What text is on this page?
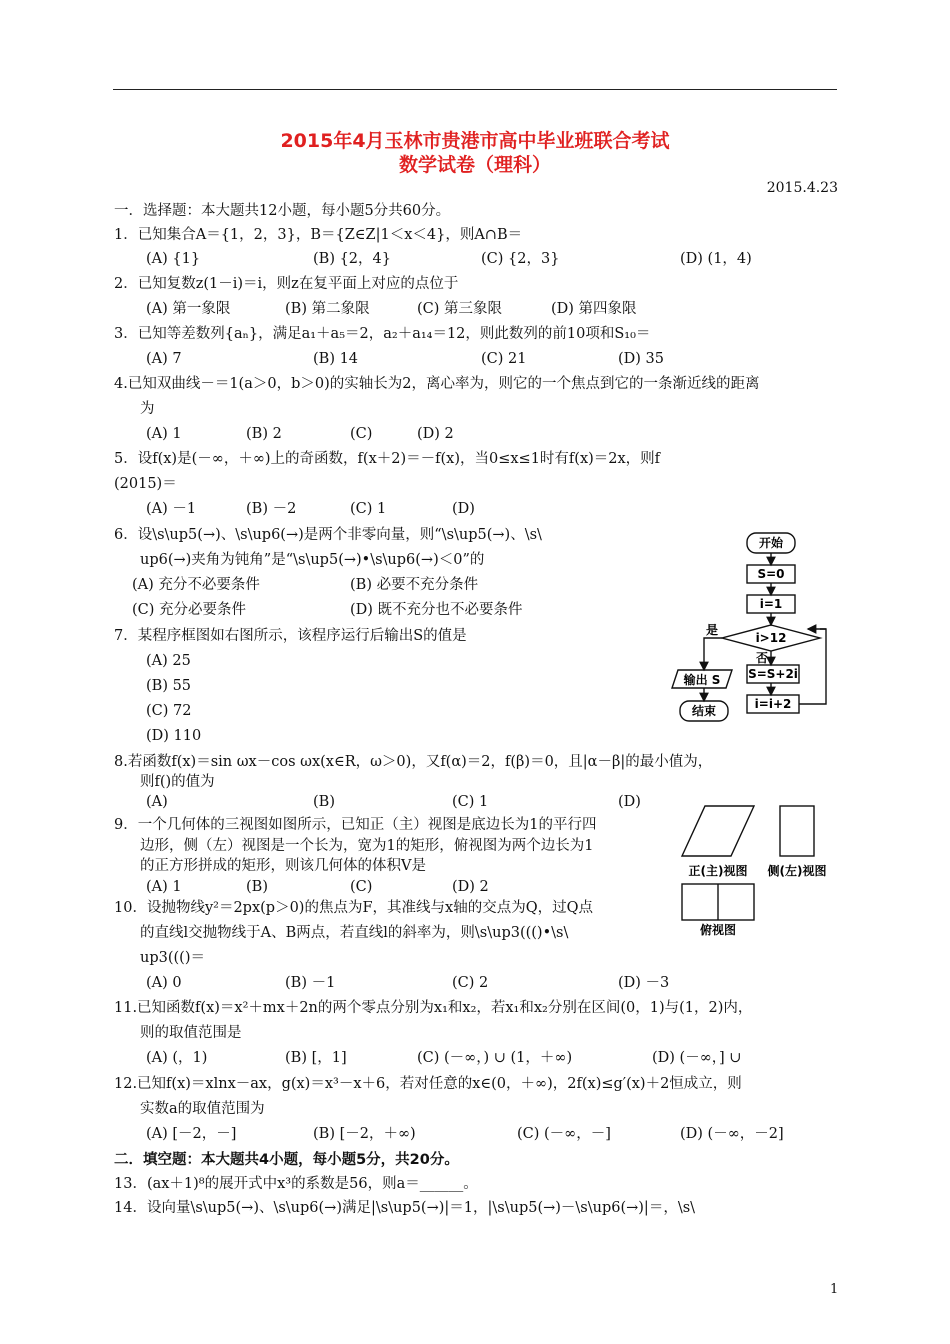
2015年4月玉林市贵港市高中毕业班联合考试
数学试卷（理科）
2015.4.23
一．选择题：本大题共12小题，每小题5分共60分。
1．已知集合A＝{1，2，3}，B＝{Z∈Z|1＜x＜4}，则A∩B＝
(A) {1}	(B) {2，4}	(C) {2，3}	(D) (1，4)
2．已知复数z(1－i)＝i，则z在复平面上对应的点位于
(A) 第一象限	(B) 第二象限	(C) 第三象限	(D) 第四象限
3．已知等差数列{aₙ}，满足a₁＋a₅＝2，a₂＋a₁₄＝12，则此数列的前10项和S₁₀＝
(A) 7	(B) 14	(C) 21	(D) 35
4.已知双曲线－＝1(a＞0，b＞0)的实轴长为2，离心率为，则它的一个焦点到它的一条渐近线的距离
为
(A) 1	(B) 2	(C)	(D) 2
5．设f(x)是(－∞，＋∞)上的奇函数，f(x＋2)＝－f(x)，当0≤x≤1时有f(x)＝2x，则f
(2015)＝
(A) －1	(B) －2	(C) 1	(D)
6．设\s\up5(→)、\s\up6(→)是两个非零向量，则“\s\up5(→)、\s\
up6(→)夹角为钝角”是“\s\up5(→)•\s\up6(→)＜0”的
(A) 充分不必要条件	(B) 必要不充分条件
(C) 充分必要条件	(D) 既不充分也不必要条件
7．某程序框图如右图所示，该程序运行后输出S的值是
(A) 25
(B) 55
(C) 72
(D) 110
8.若函数f(x)＝sin ωx－cos ωx(x∈R，ω＞0)，又f(α)＝2，f(β)＝0，且|α－β|的最小值为，
则f()的值为
(A)	(B)	(C) 1	(D)
9．一个几何体的三视图如图所示，已知正（主）视图是底边长为1的平行四
边形，侧（左）视图是一个长为，宽为1的矩形，俯视图为两个边长为1
的正方形拼成的矩形，则该几何体的体积V是
(A) 1	(B)	(C)	(D) 2
10．设抛物线y²＝2px(p＞0)的焦点为F，其准线与x轴的交点为Q，过Q点
的直线l交抛物线于A、B两点，若直线l的斜率为，则\s\up3((()•\s\
up3((()＝
(A) 0	(B) －1	(C) 2	(D) －3
11.已知函数f(x)＝x²＋mx＋2n的两个零点分别为x₁和x₂，若x₁和x₂分别在区间(0，1)与(1，2)内，
则的取值范围是
(A) (，1)	(B) [，1]	(C) (－∞，) ∪ (1，＋∞)	(D) (－∞，] ∪
12.已知f(x)＝xlnx－ax，g(x)＝x³－x＋6，若对任意的x∈(0，＋∞)，2f(x)≤g′(x)＋2恒成立，则
实数a的取值范围为
(A) [－2，－]	(B) [－2，＋∞)	(C) (－∞，－]	(D) (－∞，－2]
二．填空题：本大题共4小题，每小题5分，共20分。
13．(ax＋1)⁸的展开式中x³的系数是56，则a＝______。
14．设向量\s\up5(→)、\s\up6(→)满足|\s\up5(→)|＝1，|\s\up5(→)－\s\up6(→)|＝，\s\
开始
S=0
i=1
i>12
是
否
输出 S
结束
S=S+2i
i=i+2
正(主)视图 侧(左)视图
俯视图
1
